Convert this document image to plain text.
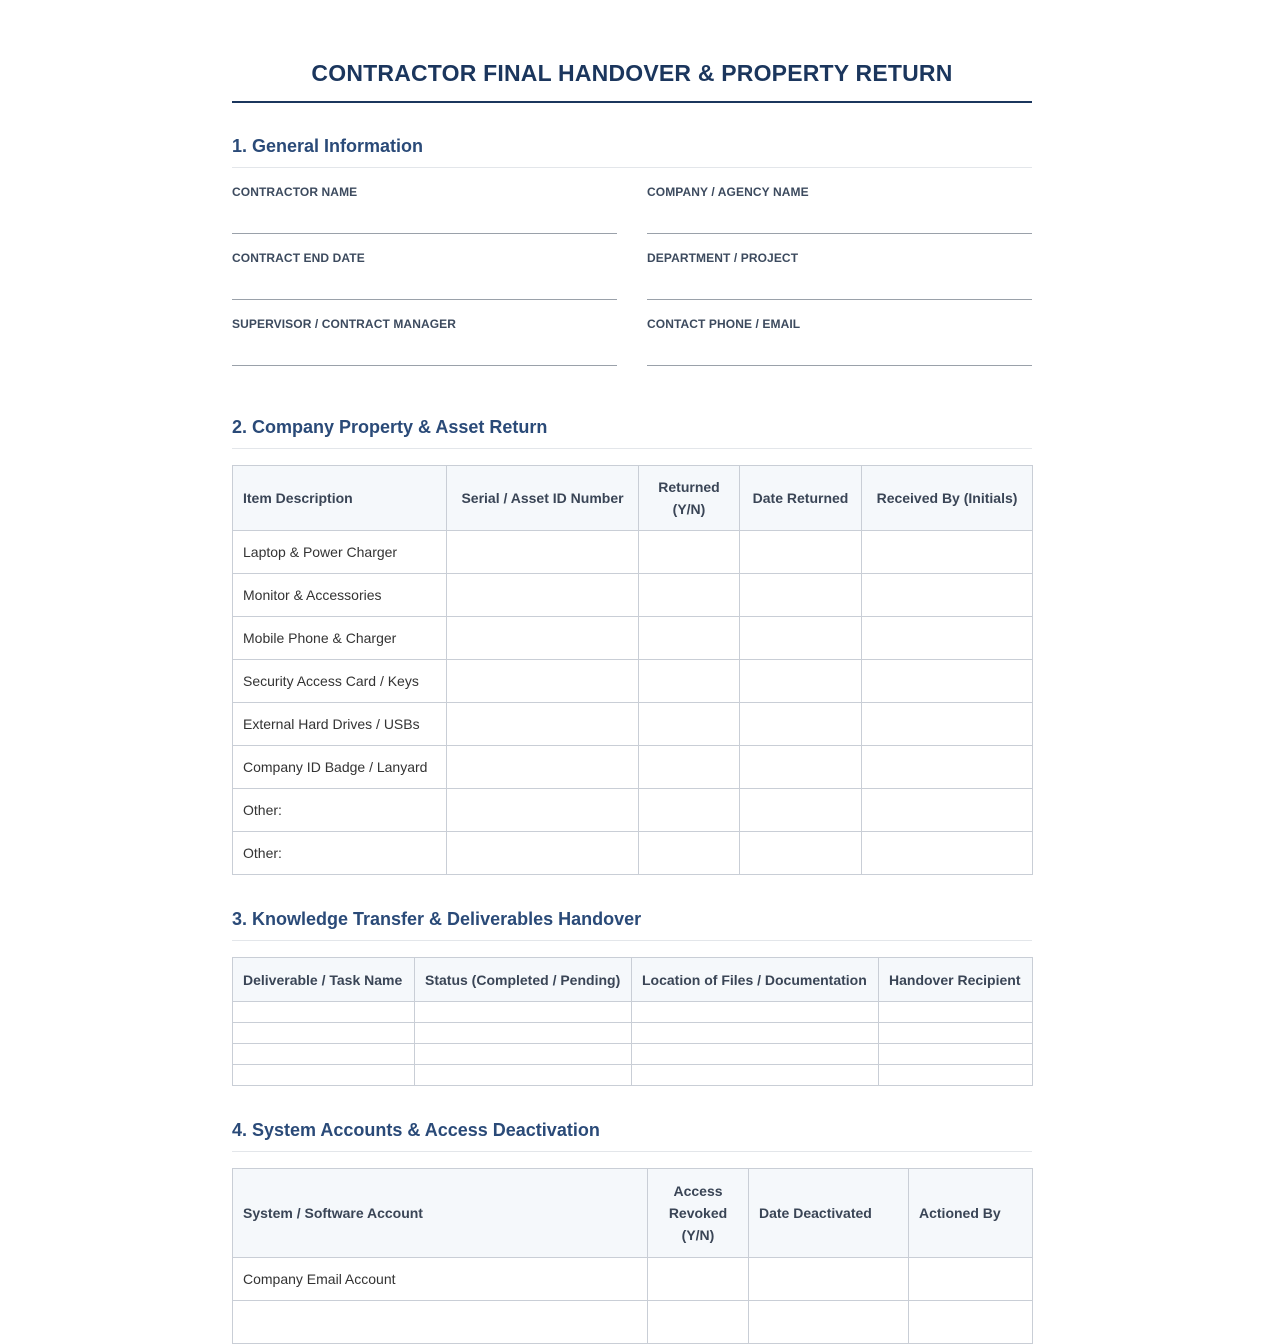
CONTRACTOR FINAL HANDOVER & PROPERTY RETURN
1. General Information
CONTRACTOR NAME	COMPANY / AGENCY NAME
CONTRACT END DATE	DEPARTMENT / PROJECT
SUPERVISOR / CONTRACT MANAGER	CONTACT PHONE / EMAIL
2. Company Property & Asset Return
Item Description	Serial / Asset ID Number	Returned (Y/N)	Date Returned	Received By (Initials)
Laptop & Power Charger				
Monitor & Accessories				
Mobile Phone & Charger				
Security Access Card / Keys				
External Hard Drives / USBs				
Company ID Badge / Lanyard				
Other:				
Other:				
3. Knowledge Transfer & Deliverables Handover
Deliverable / Task Name	Status (Completed / Pending)	Location of Files / Documentation	Handover Recipient

4. System Accounts & Access Deactivation
System / Software Account	Access Revoked (Y/N)	Date Deactivated	Actioned By
Company Email Account			
